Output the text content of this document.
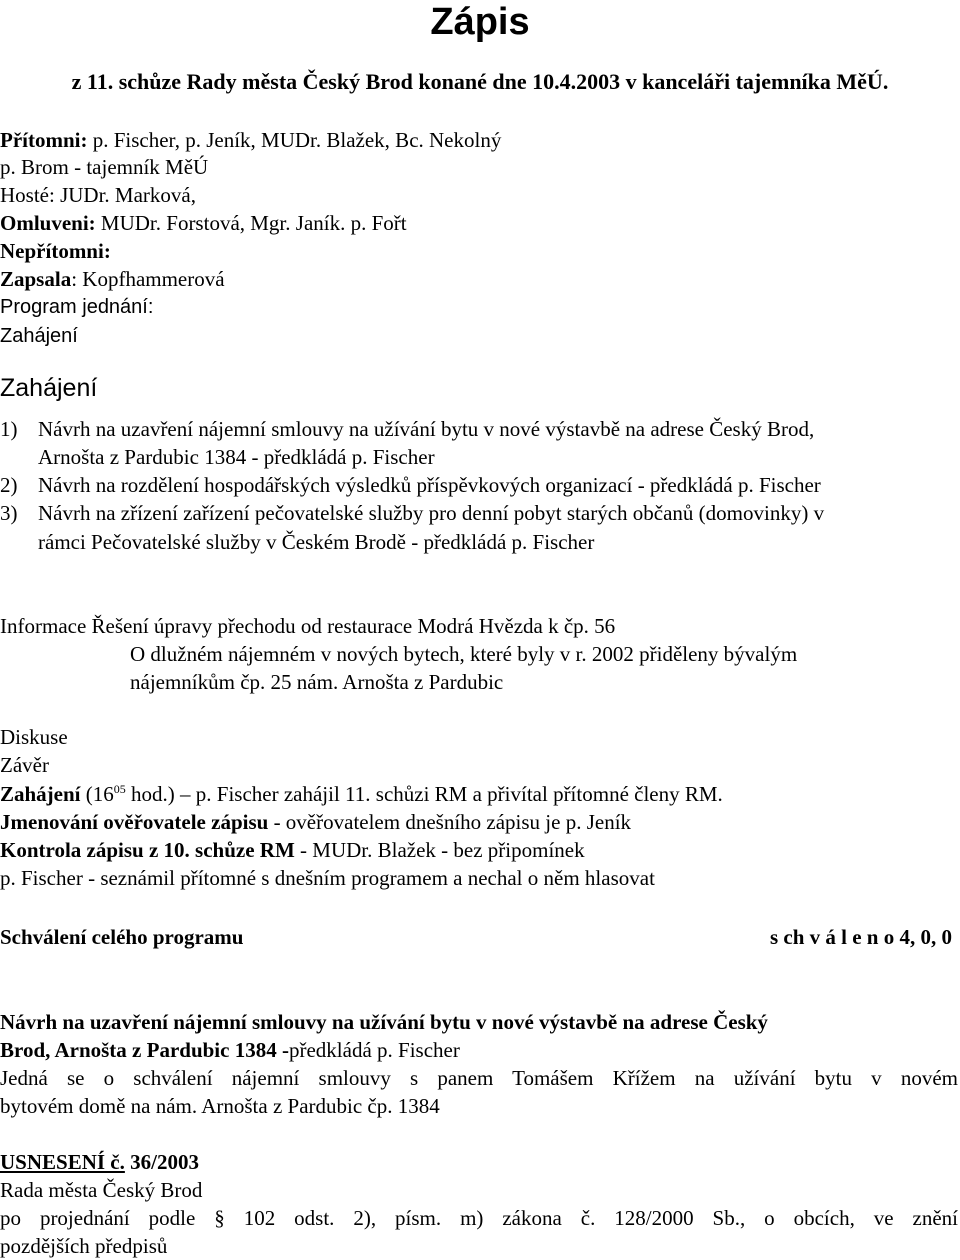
Zápis
z 11. schůze Rady města Český Brod konané dne 10.4.2003 v kanceláři tajemníka MěÚ.
Přítomni: p. Fischer, p. Jeník, MUDr. Blažek, Bc. Nekolný
p. Brom - tajemník MěÚ
Hosté: JUDr. Marková,
Omluveni: MUDr. Forstová, Mgr. Janík. p. Fořt
Nepřítomni:
Zapsala: Kopfhammerová
Program jednání:
Zahájení
Zahájení
1) Návrh na uzavření nájemní smlouvy na užívání bytu v nové výstavbě na adrese Český Brod,
Arnošta z Pardubic 1384 - předkládá p. Fischer
2) Návrh na rozdělení hospodářských výsledků příspěvkových organizací - předkládá p. Fischer
3) Návrh na zřízení zařízení pečovatelské služby pro denní pobyt starých občanů (domovinky) v
rámci Pečovatelské služby v Českém Brodě - předkládá p. Fischer
Informace Řešení úpravy přechodu od restaurace Modrá Hvězda k čp. 56
O dlužném nájemném v nových bytech, které byly v r. 2002 přiděleny bývalým
nájemníkům čp. 25 nám. Arnošta z Pardubic
Diskuse
Závěr
Zahájení ($16^{05}$ hod.) – p. Fischer zahájil 11. schůzi RM a přivítal přítomné členy RM.
Jmenování ověřovatele zápisu - ověřovatelem dnešního zápisu je p. Jeník
Kontrola zápisu z 10. schůze RM - MUDr. Blažek - bez připomínek
p. Fischer - seznámil přítomné s dnešním programem a nechal o něm hlasovat
Schválení celého programu	s ch v á l e n o 4, 0, 0
Návrh na uzavření nájemní smlouvy na užívání bytu v nové výstavbě na adrese Český
Brod, Arnošta z Pardubic 1384 -předkládá p. Fischer
Jedná se o schválení nájemní smlouvy s panem Tomášem Křížem na užívání bytu v novém
bytovém domě na nám. Arnošta z Pardubic čp. 1384
USNESENÍ č. 36/2003
Rada města Český Brod
po projednání podle § 102 odst. 2), písm. m) zákona č. 128/2000 Sb., o obcích, ve znění
pozdějších předpisů
